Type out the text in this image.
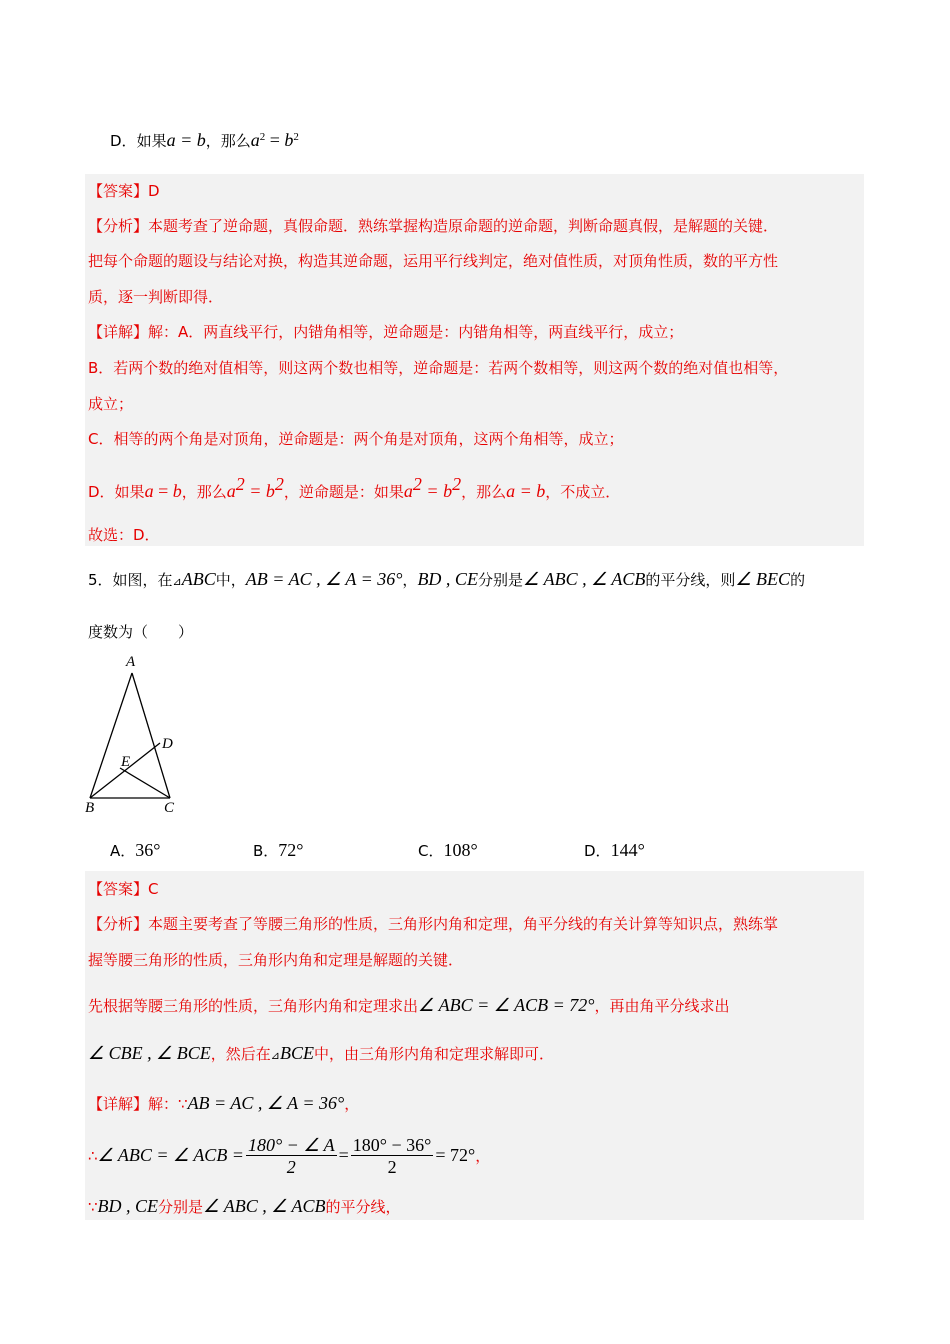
D．如果a = b，那么$a^2 = b^2$
【答案】D
【分析】本题考查了逆命题，真假命题．熟练掌握构造原命题的逆命题，判断命题真假，是解题的关键．
把每个命题的题设与结论对换，构造其逆命题，运用平行线判定，绝对值性质，对顶角性质，数的平方性
质，逐一判断即得．
【详解】解：A．两直线平行，内错角相等，逆命题是：内错角相等，两直线平行，成立；
B．若两个数的绝对值相等，则这两个数也相等，逆命题是：若两个数相等，则这两个数的绝对值也相等，
成立；
C．相等的两个角是对顶角，逆命题是：两个角是对顶角，这两个角相等，成立；
D．如果a = b，那么$a^2 = b^2$，逆命题是：如果$a^2 = b^2$，那么a = b，不成立．
故选：D．
5．如图，在⊿ABC中，AB = AC , ∠ A = 36°，BD , CE分别是∠ ABC , ∠ ACB的平分线，则∠ BEC的
度数为（　　）
A
B	C
D
E
A．36°	B．72°	C．108°	D．144°
【答案】C
【分析】本题主要考查了等腰三角形的性质，三角形内角和定理，角平分线的有关计算等知识点，熟练掌
握等腰三角形的性质，三角形内角和定理是解题的关键．
先根据等腰三角形的性质，三角形内角和定理求出∠ ABC = ∠ ACB = 72°，再由角平分线求出
∠ CBE , ∠ BCE，然后在⊿BCE中，由三角形内角和定理求解即可．
【详解】解：∵AB = AC , ∠ A = 36°，
∴∠ ABC = ∠ ACB = $\frac{180^\circ - \angle A}{2} = \frac{180^\circ - 36^\circ}{2} = 72^\circ$，
∵BD , CE分别是∠ ABC , ∠ ACB的平分线，
